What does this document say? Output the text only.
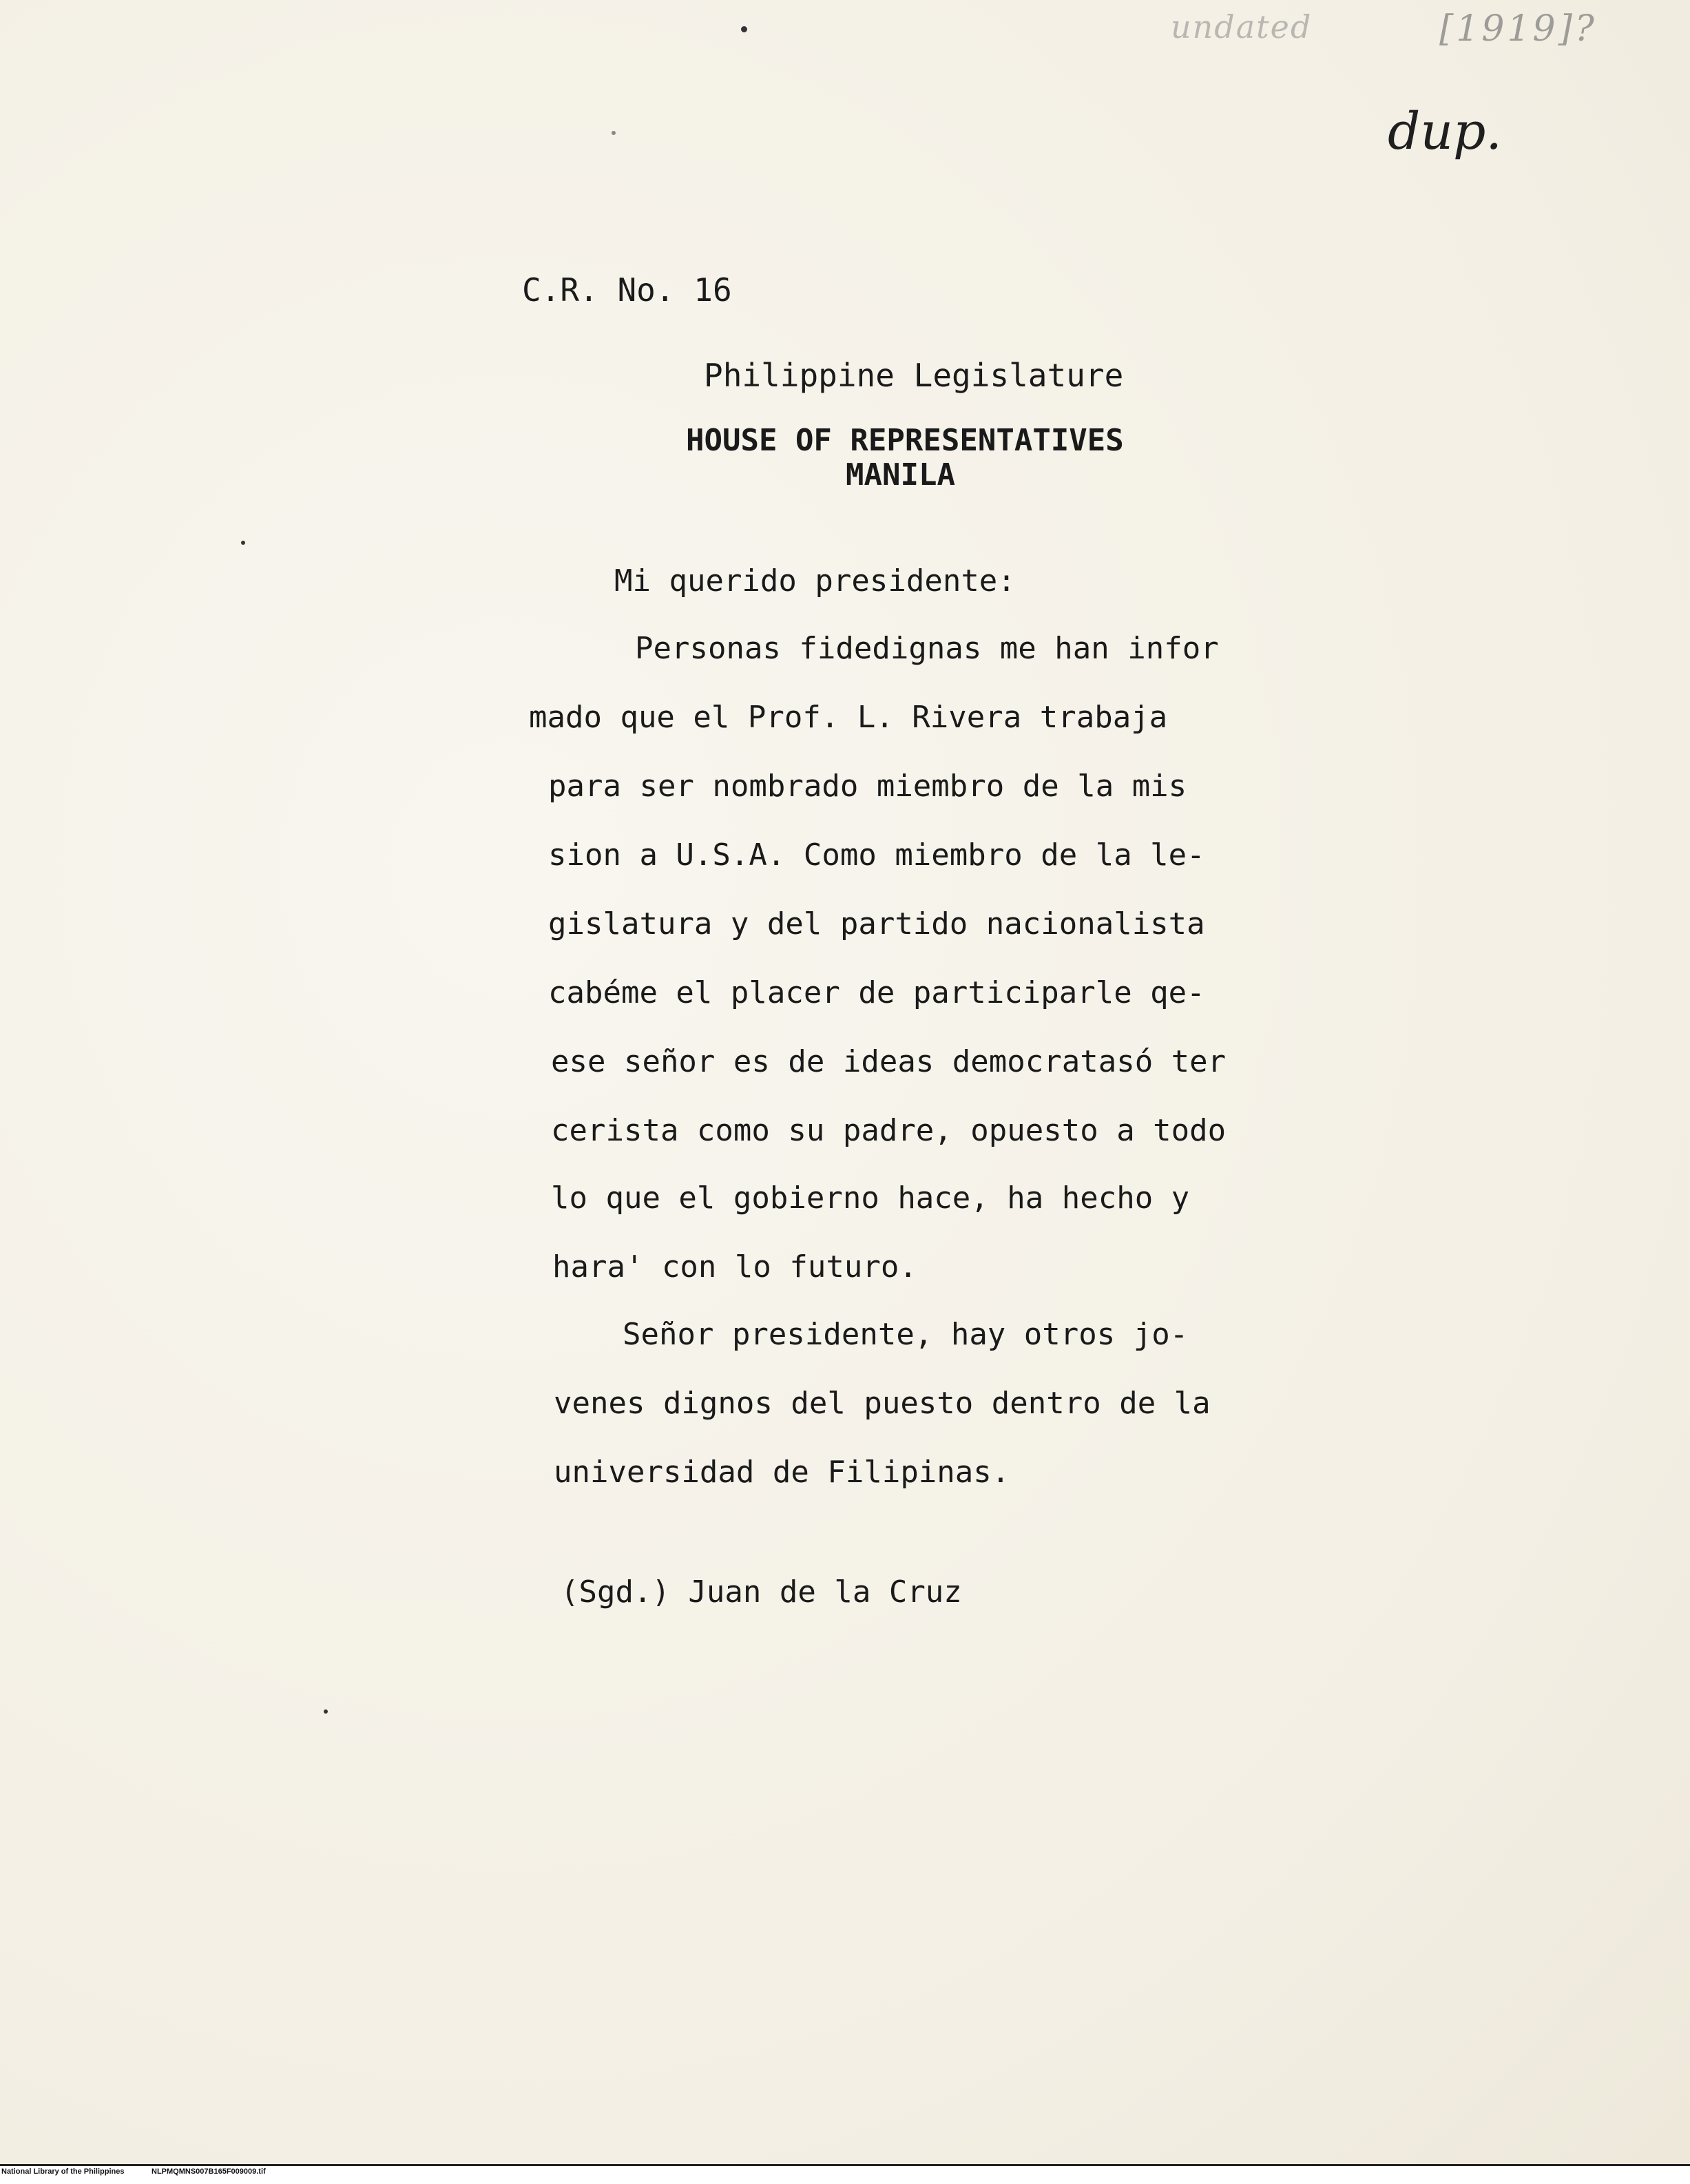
undated	[1919]?
dup.
C.R. No. 16
Philippine Legislature
HOUSE OF REPRESENTATIVES
MANILA
Mi querido presidente:
Personas fidedignas me han infor
mado que el Prof. L. Rivera trabaja
para ser nombrado miembro de la mis
sion a U.S.A. Como miembro de la le-
gislatura y del partido nacionalista
cabéme el placer de participarle qe-
ese señor es de ideas democratasó ter
cerista como su padre, opuesto a todo
lo que el gobierno hace, ha hecho y
hara' con lo futuro.
Señor presidente, hay otros jo-
venes dignos del puesto dentro de la
universidad de Filipinas.
(Sgd.) Juan de la Cruz
National Library of the Philippines	NLPMQMNS007B165F009009.tif
